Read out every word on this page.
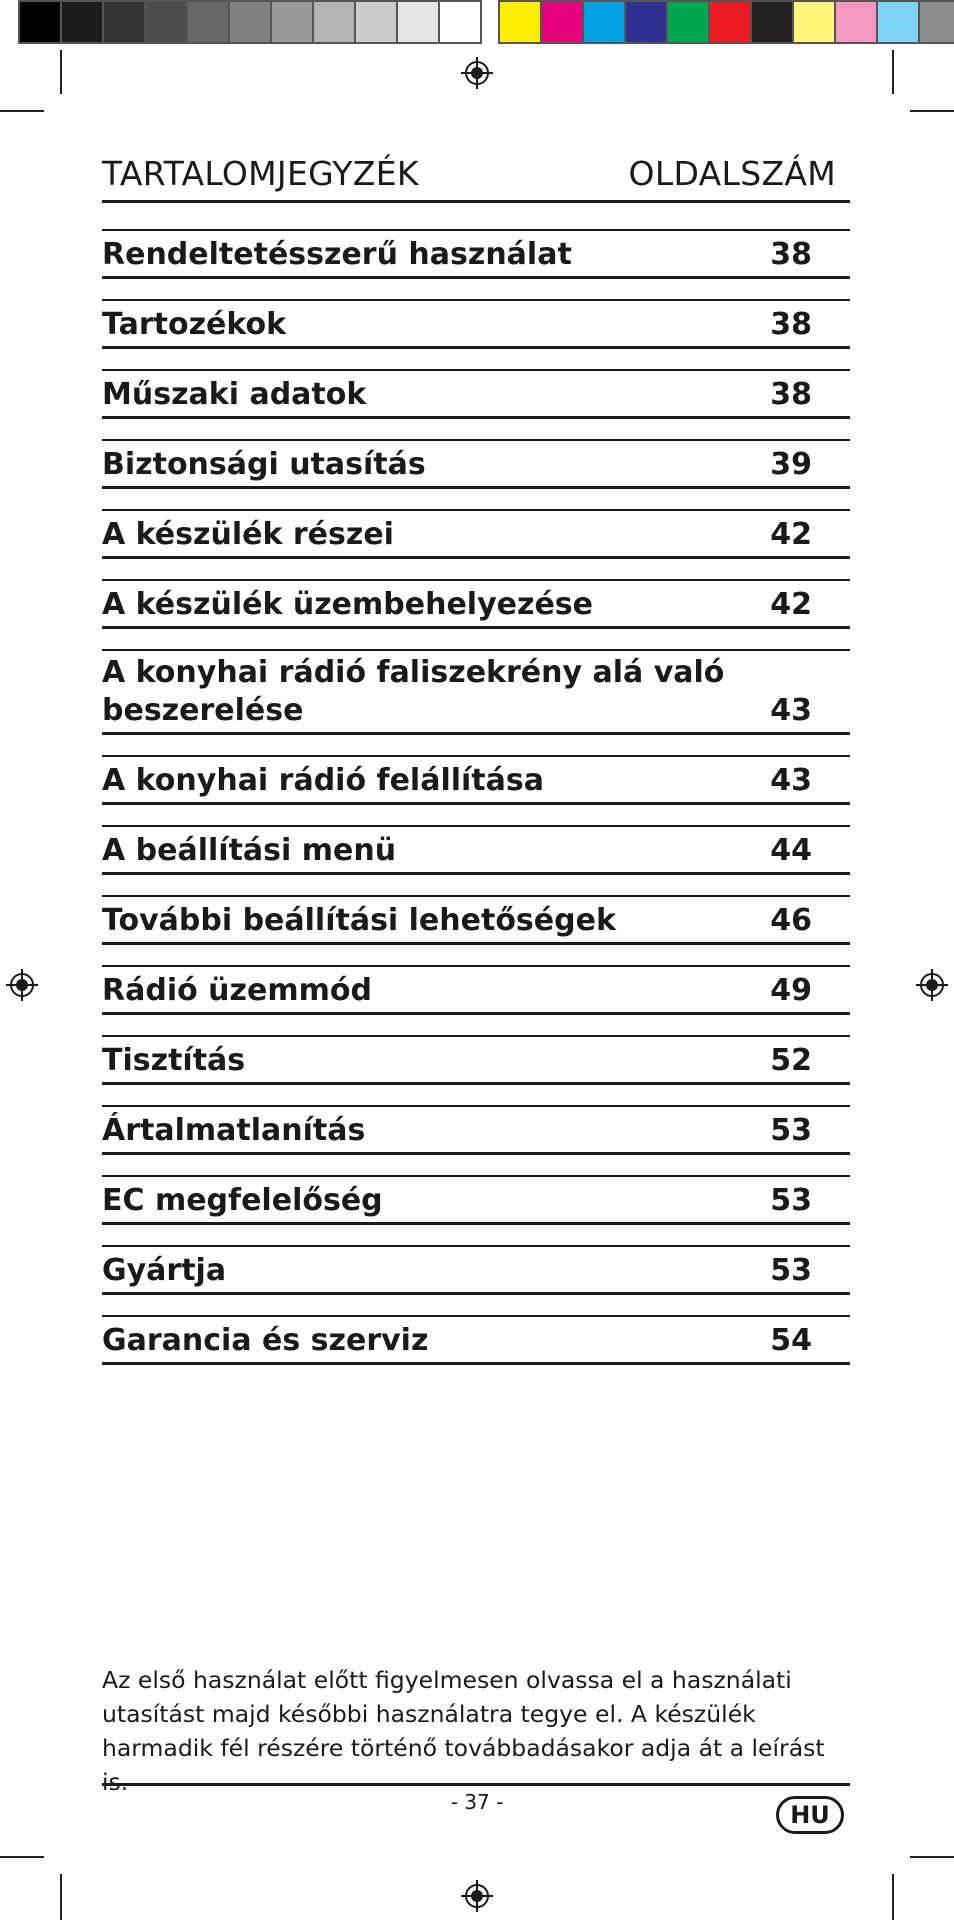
TARTALOMJEGYZÉK	OLDALSZÁM
Rendeltetésszerű használat	38
Tartozékok	38
Műszaki adatok	38
Biztonsági utasítás	39
A készülék részei	42
A készülék üzembehelyezése	42
A konyhai rádió faliszekrény alá való beszerelése	43
A konyhai rádió felállítása	43
A beállítási menü	44
További beállítási lehetőségek	46
Rádió üzemmód	49
Tisztítás	52
Ártalmatlanítás	53
EC megfelelőség	53
Gyártja	53
Garancia és szerviz	54
Az első használat előtt figyelmesen olvassa el a használati utasítást majd későbbi használatra tegye el. A készülék harmadik fél részére történő továbbadásakor adja át a leírást is.
- 37 -	HU
